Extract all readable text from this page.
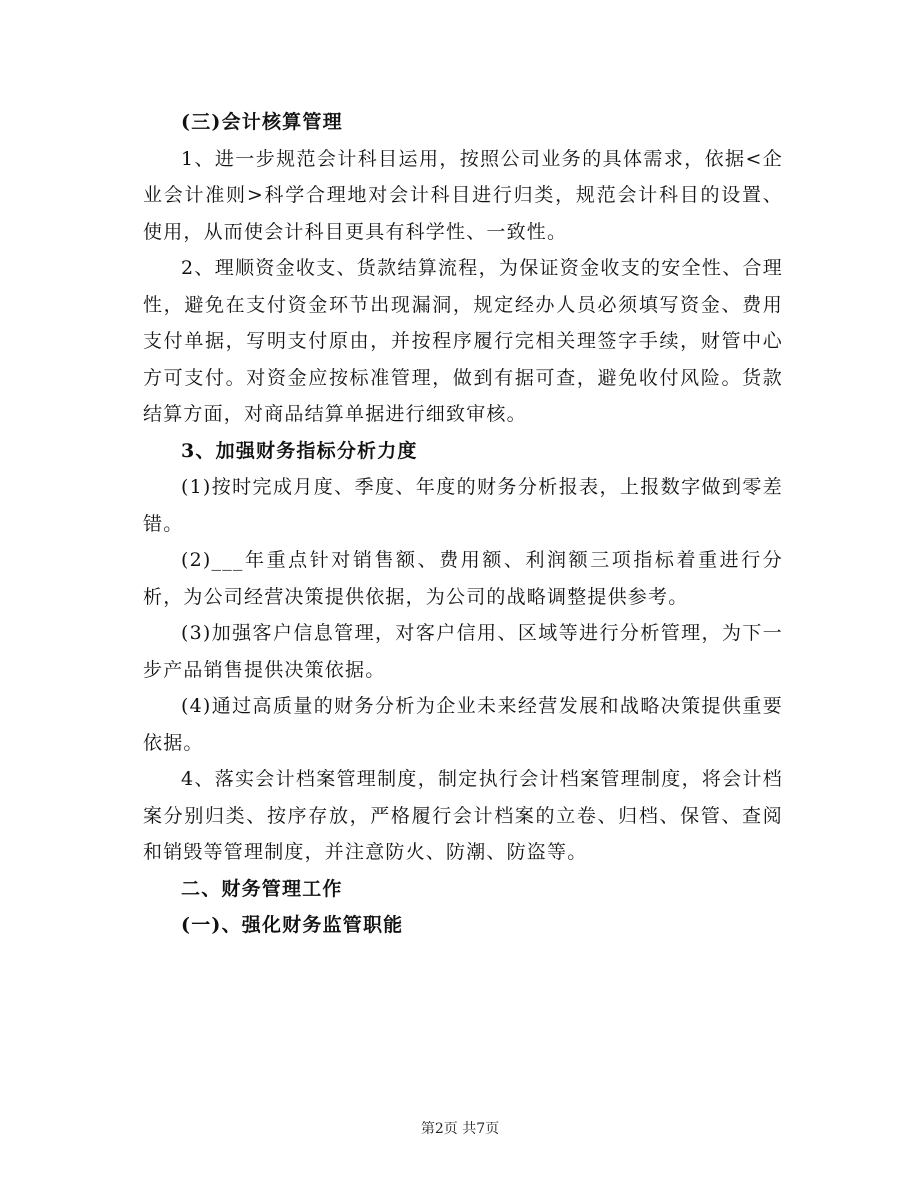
(三)会计核算管理

1、进一步规范会计科目运用，按照公司业务的具体需求，依据<企业会计准则>科学合理地对会计科目进行归类，规范会计科目的设置、使用，从而使会计科目更具有科学性、一致性。

2、理顺资金收支、货款结算流程，为保证资金收支的安全性、合理性，避免在支付资金环节出现漏洞，规定经办人员必须填写资金、费用支付单据，写明支付原由，并按程序履行完相关理签字手续，财管中心方可支付。对资金应按标准管理，做到有据可查，避免收付风险。货款结算方面，对商品结算单据进行细致审核。

3、加强财务指标分析力度

(1)按时完成月度、季度、年度的财务分析报表，上报数字做到零差错。

(2)___年重点针对销售额、费用额、利润额三项指标着重进行分析，为公司经营决策提供依据，为公司的战略调整提供参考。

(3)加强客户信息管理，对客户信用、区域等进行分析管理，为下一步产品销售提供决策依据。

(4)通过高质量的财务分析为企业未来经营发展和战略决策提供重要依据。

4、落实会计档案管理制度，制定执行会计档案管理制度，将会计档案分别归类、按序存放，严格履行会计档案的立卷、归档、保管、查阅和销毁等管理制度，并注意防火、防潮、防盗等。

二、财务管理工作

(一)、强化财务监管职能

第2页 共7页
